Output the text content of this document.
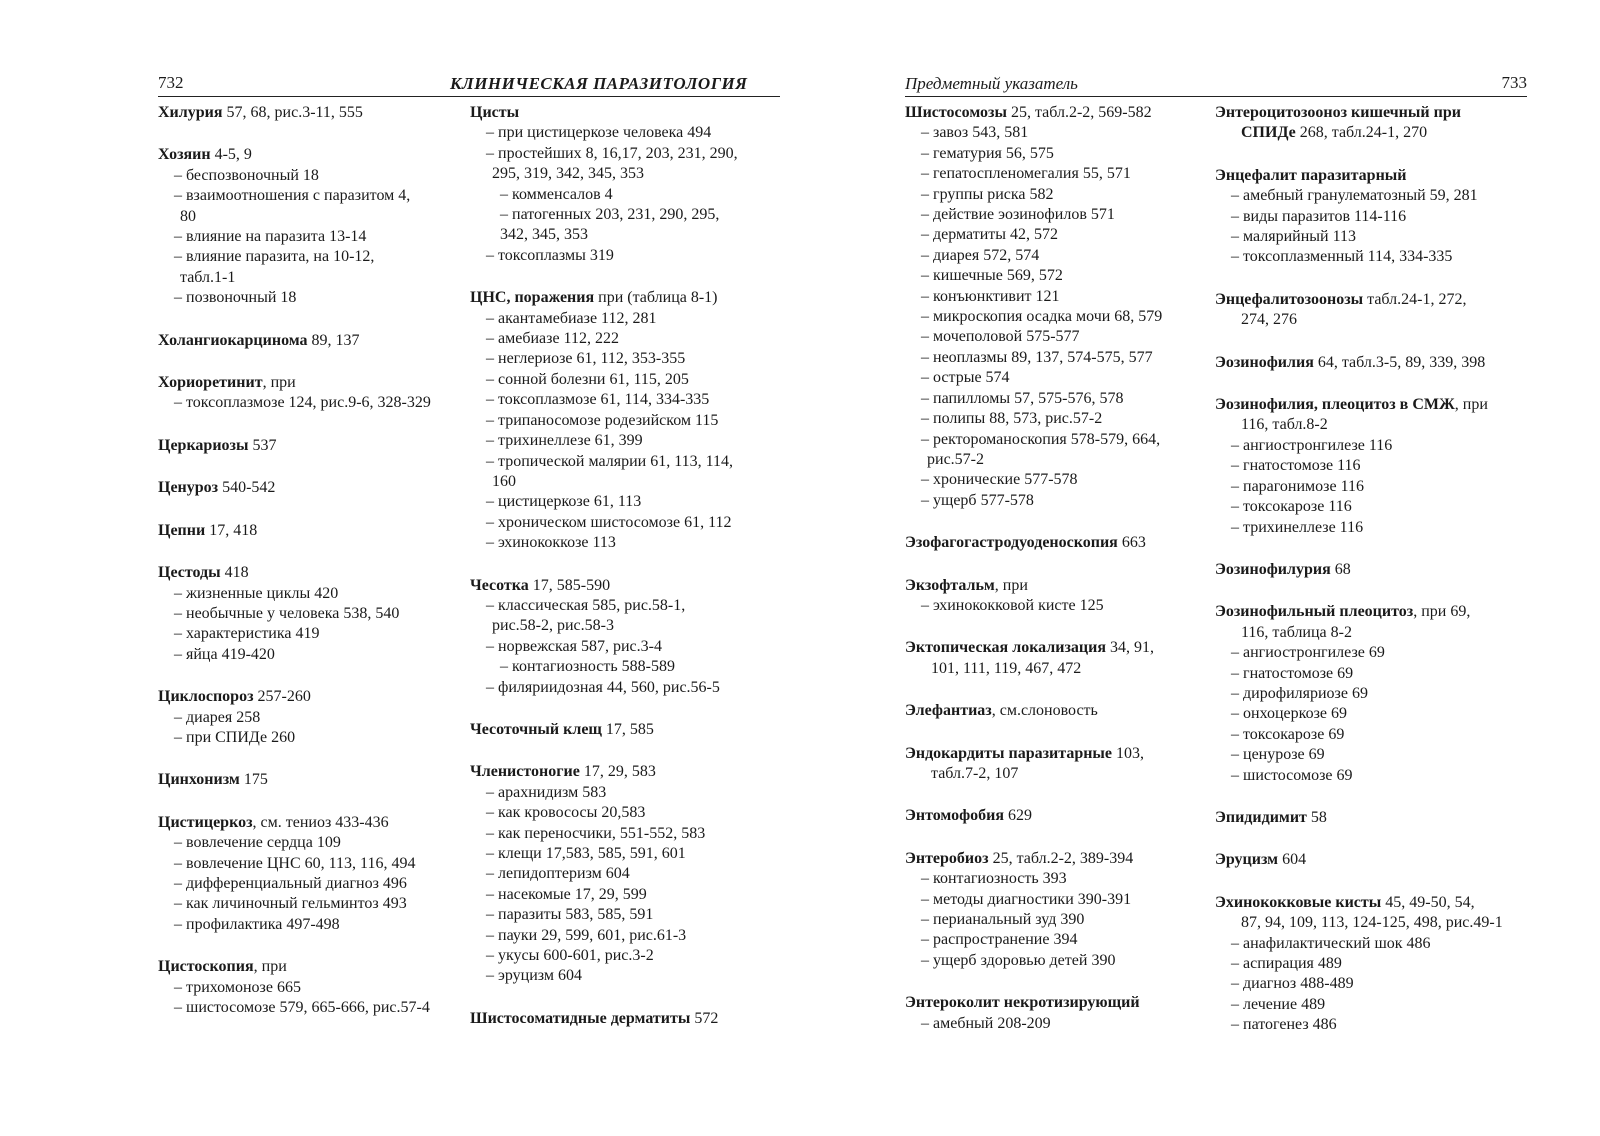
732	КЛИНИЧЕСКАЯ ПАРАЗИТОЛОГИЯ
Хилурия 57, 68, рис.3-11, 555
Хозяин 4-5, 9
– беспозвоночный 18
– взаимоотношения с паразитом 4,
80
– влияние на паразита 13-14
– влияние паразита, на 10-12,
табл.1-1
– позвоночный 18
Холангиокарцинома 89, 137
Хориоретинит, при
– токсоплазмозе 124, рис.9-6, 328-329
Церкариозы 537
Ценуроз 540-542
Цепни 17, 418
Цестоды 418
– жизненные циклы 420
– необычные у человека 538, 540
– характеристика 419
– яйца 419-420
Циклоспороз 257-260
– диарея 258
– при СПИДе 260
Цинхонизм 175
Цистицеркоз, см. тениоз 433-436
– вовлечение сердца 109
– вовлечение ЦНС 60, 113, 116, 494
– дифференциальный диагноз 496
– как личиночный гельминтоз 493
– профилактика 497-498
Цистоскопия, при
– трихомонозе 665
– шистосомозе 579, 665-666, рис.57-4
Цисты
– при цистицеркозе человека 494
– простейших 8, 16,17, 203, 231, 290,
295, 319, 342, 345, 353
– комменсалов 4
– патогенных 203, 231, 290, 295,
342, 345, 353
– токсоплазмы 319
ЦНС, поражения при (таблица 8-1)
– акантамебиазе 112, 281
– амебиазе 112, 222
– неглериозе 61, 112, 353-355
– сонной болезни 61, 115, 205
– токсоплазмозе 61, 114, 334-335
– трипаносомозе родезийском 115
– трихинеллезе 61, 399
– тропической малярии 61, 113, 114,
160
– цистицеркозе 61, 113
– хроническом шистосомозе 61, 112
– эхинококкозе 113
Чесотка 17, 585-590
– классическая 585, рис.58-1,
рис.58-2, рис.58-3
– норвежская 587, рис.3-4
– контагиозность 588-589
– филяриидозная 44, 560, рис.56-5
Чесоточный клещ 17, 585
Членистоногие 17, 29, 583
– арахнидизм 583
– как кровососы 20,583
– как переносчики, 551-552, 583
– клещи 17,583, 585, 591, 601
– лепидоптеризм 604
– насекомые 17, 29, 599
– паразиты 583, 585, 591
– пауки 29, 599, 601, рис.61-3
– укусы 600-601, рис.3-2
– эруцизм 604
Шистосоматидные дерматиты 572
Предметный указатель	733
Шистосомозы 25, табл.2-2, 569-582
– завоз 543, 581
– гематурия 56, 575
– гепатоспленомегалия 55, 571
– группы риска 582
– действие эозинофилов 571
– дерматиты 42, 572
– диарея 572, 574
– кишечные 569, 572
– конъюнктивит 121
– микроскопия осадка мочи 68, 579
– мочеполовой 575-577
– неоплазмы 89, 137, 574-575, 577
– острые 574
– папилломы 57, 575-576, 578
– полипы 88, 573, рис.57-2
– ректороманоскопия 578-579, 664,
рис.57-2
– хронические 577-578
– ущерб 577-578
Эзофагогастродуоденоскопия 663
Экзофтальм, при
– эхинококковой кисте 125
Эктопическая локализация 34, 91,
101, 111, 119, 467, 472
Элефантиаз, см.слоновость
Эндокардиты паразитарные 103,
табл.7-2, 107
Энтомофобия 629
Энтеробиоз 25, табл.2-2, 389-394
– контагиозность 393
– методы диагностики 390-391
– перианальный зуд 390
– распространение 394
– ущерб здоровью детей 390
Энтероколит некротизирующий
– амебный 208-209
Энтероцитозооноз кишечный при
СПИДе 268, табл.24-1, 270
Энцефалит паразитарный
– амебный гранулематозный 59, 281
– виды паразитов 114-116
– малярийный 113
– токсоплазменный 114, 334-335
Энцефалитозоонозы табл.24-1, 272,
274, 276
Эозинофилия 64, табл.3-5, 89, 339, 398
Эозинофилия, плеоцитоз в СМЖ, при
116, табл.8-2
– ангиостронгилезе 116
– гнатостомозе 116
– парагонимозе 116
– токсокарозе 116
– трихинеллезе 116
Эозинофилурия 68
Эозинофильный плеоцитоз, при 69,
116, таблица 8-2
– ангиостронгилезе 69
– гнатостомозе 69
– дирофиляриозе 69
– онхоцеркозе 69
– токсокарозе 69
– ценурозе 69
– шистосомозе 69
Эпидидимит 58
Эруцизм 604
Эхинококковые кисты 45, 49-50, 54,
87, 94, 109, 113, 124-125, 498, рис.49-1
– анафилактический шок 486
– аспирация 489
– диагноз 488-489
– лечение 489
– патогенез 486
